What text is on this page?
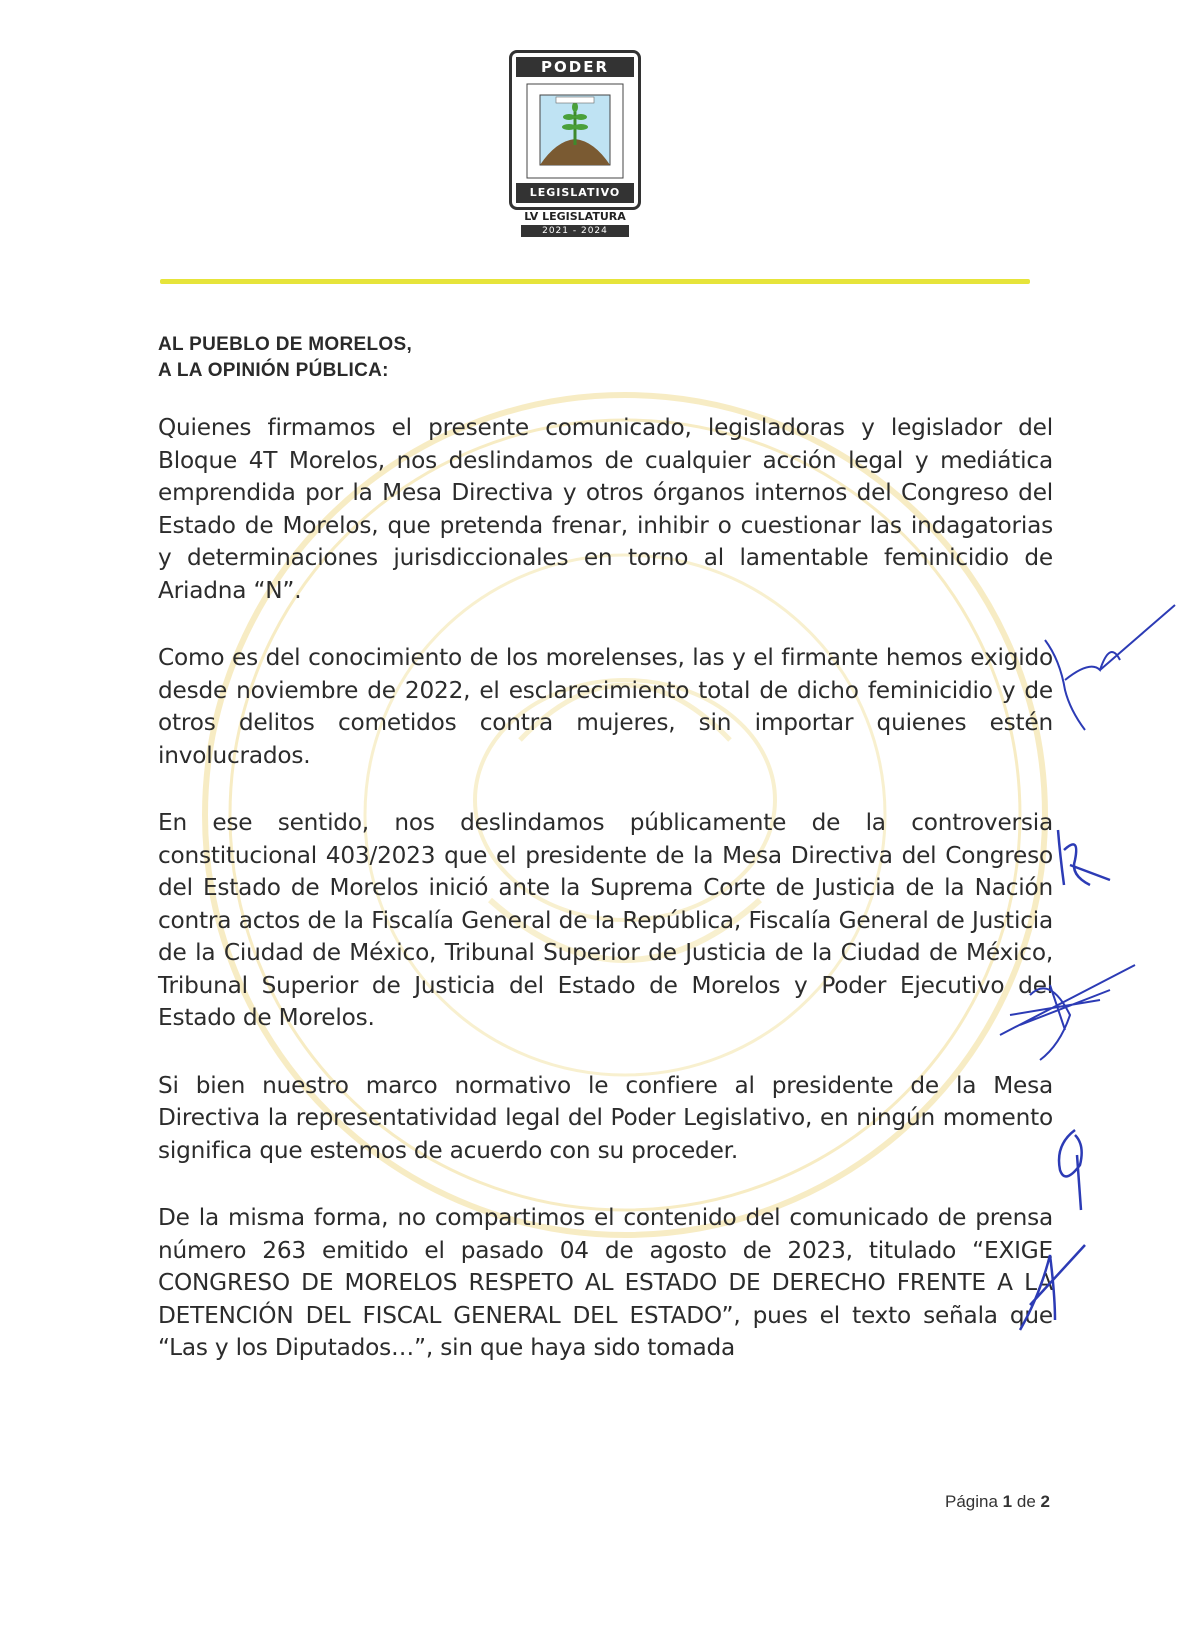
PODER
LEGISLATIVO
LV LEGISLATURA
2021 - 2024
AL PUEBLO DE MORELOS,
A LA OPINIÓN PÚBLICA:

Quienes firmamos el presente comunicado, legisladoras y legislador del Bloque 4T Morelos, nos deslindamos de cualquier acción legal y mediática emprendida por la Mesa Directiva y otros órganos internos del Congreso del Estado de Morelos, que pretenda frenar, inhibir o cuestionar las indagatorias y determinaciones jurisdiccionales en torno al lamentable feminicidio de Ariadna “N”.

Como es del conocimiento de los morelenses, las y el firmante hemos exigido desde noviembre de 2022, el esclarecimiento total de dicho feminicidio y de otros delitos cometidos contra mujeres, sin importar quienes estén involucrados.

En ese sentido, nos deslindamos públicamente de la controversia constitucional 403/2023 que el presidente de la Mesa Directiva del Congreso del Estado de Morelos inició ante la Suprema Corte de Justicia de la Nación contra actos de la Fiscalía General de la República, Fiscalía General de Justicia de la Ciudad de México, Tribunal Superior de Justicia de la Ciudad de México, Tribunal Superior de Justicia del Estado de Morelos y Poder Ejecutivo del Estado de Morelos.

Si bien nuestro marco normativo le confiere al presidente de la Mesa Directiva la representatividad legal del Poder Legislativo, en ningún momento significa que estemos de acuerdo con su proceder.

De la misma forma, no compartimos el contenido del comunicado de prensa número 263 emitido el pasado 04 de agosto de 2023, titulado “EXIGE CONGRESO DE MORELOS RESPETO AL ESTADO DE DERECHO FRENTE A LA DETENCIÓN DEL FISCAL GENERAL DEL ESTADO”, pues el texto señala que “Las y los Diputados…”, sin que haya sido tomada

Página 1 de 2
